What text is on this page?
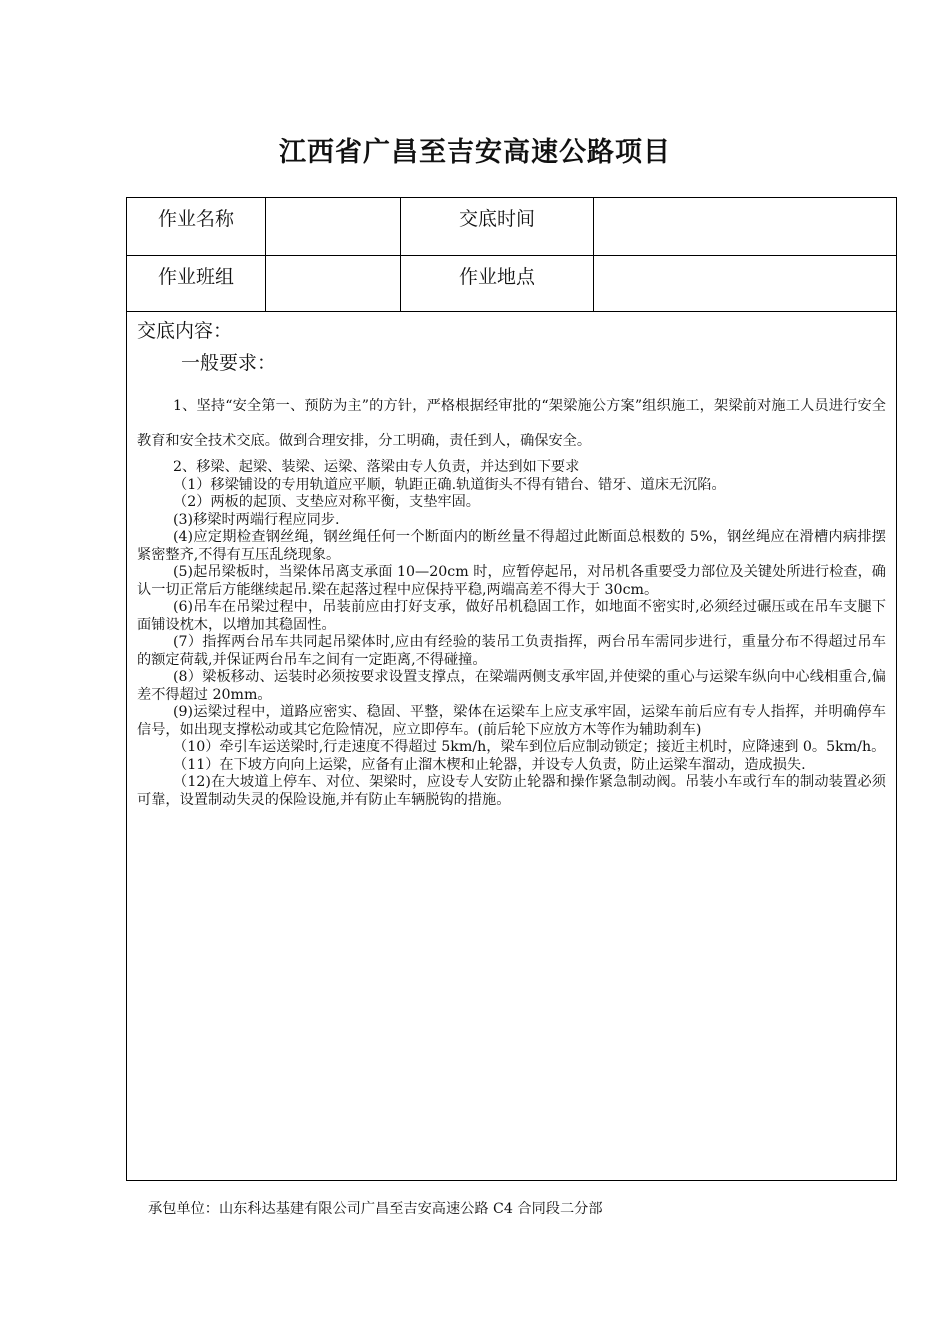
江西省广昌至吉安高速公路项目
作业名称	交底时间
作业班组	作业地点
交底内容：
一般要求：
1、坚持“安全第一、预防为主”的方针，严格根据经审批的“架梁施公方案”组织施工，架梁前对施工人员进行安全教育和安全技术交底。做到合理安排，分工明确，责任到人，确保安全。
2、移梁、起梁、装梁、运梁、落梁由专人负责，并达到如下要求
（1）移梁铺设的专用轨道应平顺，轨距正确.轨道街头不得有错台、错牙、道床无沉陷。
（2）两板的起顶、支垫应对称平衡，支垫牢固。
(3)移梁时两端行程应同步.
(4)应定期检查钢丝绳，钢丝绳任何一个断面内的断丝量不得超过此断面总根数的 5%，钢丝绳应在滑槽内病排摆紧密整齐,不得有互压乱绕现象。
(5)起吊梁板时，当梁体吊离支承面 10—20cm 时，应暂停起吊，对吊机各重要受力部位及关键处所进行检查，确认一切正常后方能继续起吊.梁在起落过程中应保持平稳,两端高差不得大于 30cm。
(6)吊车在吊梁过程中，吊装前应由打好支承，做好吊机稳固工作，如地面不密实时,必须经过碾压或在吊车支腿下面铺设枕木，以增加其稳固性。
(7）指挥两台吊车共同起吊梁体时,应由有经验的装吊工负责指挥，两台吊车需同步进行，重量分布不得超过吊车的额定荷载,并保证两台吊车之间有一定距离,不得碰撞。
(8）梁板移动、运装时必须按要求设置支撑点，在梁端两侧支承牢固,并使梁的重心与运梁车纵向中心线相重合,偏差不得超过 20mm。
(9)运梁过程中，道路应密实、稳固、平整，梁体在运梁车上应支承牢固，运梁车前后应有专人指挥，并明确停车信号，如出现支撑松动或其它危险情况，应立即停车。(前后轮下应放方木等作为辅助刹车)
（10）牵引车运送梁时,行走速度不得超过 5km/h，梁车到位后应制动锁定；接近主机时，应降速到 0。5km/h。
（11）在下坡方向向上运梁，应备有止溜木楔和止轮器，并设专人负责，防止运梁车溜动，造成损失.
（12)在大坡道上停车、对位、架梁时，应设专人安防止轮器和操作紧急制动阀。吊装小车或行车的制动装置必须可靠，设置制动失灵的保险设施,并有防止车辆脱钩的措施。
承包单位：山东科达基建有限公司广昌至吉安高速公路 C4 合同段二分部
